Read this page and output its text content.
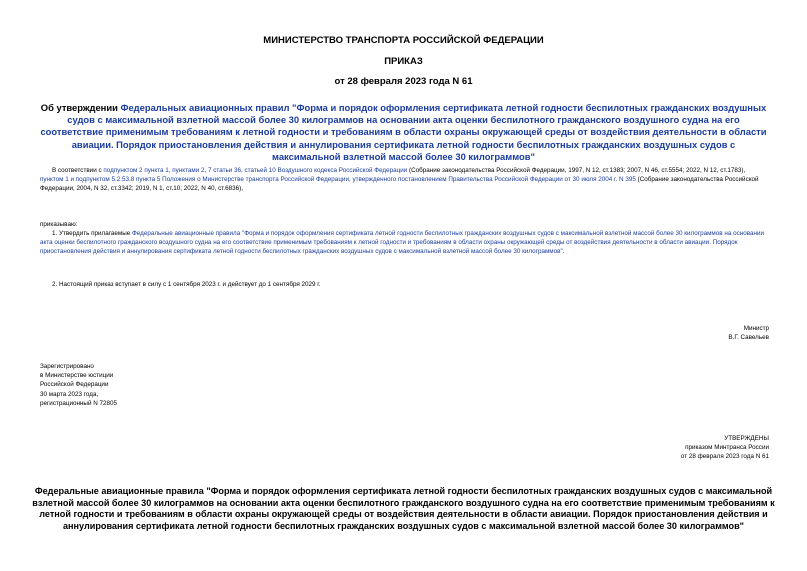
МИНИСТЕРСТВО ТРАНСПОРТА РОССИЙСКОЙ ФЕДЕРАЦИИ
ПРИКАЗ
от 28 февраля 2023 года N 61
Об утверждении Федеральных авиационных правил "Форма и порядок оформления сертификата летной годности беспилотных гражданских воздушных судов с максимальной взлетной массой более 30 килограммов на основании акта оценки беспилотного гражданского воздушного судна на его соответствие применимым требованиям к летной годности и требованиям в области охраны окружающей среды от воздействия деятельности в области авиации. Порядок приостановления действия и аннулирования сертификата летной годности беспилотных гражданских воздушных судов с максимальной взлетной массой более 30 килограммов"
В соответствии с подпунктом 2 пункта 1, пунктами 2, 7 статьи 36, статьей 10 Воздушного кодекса Российской Федерации (Собрание законодательства Российской Федерации, 1997, N 12, ст.1383; 2007, N 46, ст.5554; 2022, N 12, ст.1783), пунктом 1 и подпунктом 5.2.53.8 пункта 5 Положения о Министерстве транспорта Российской Федерации, утвержденного постановлением Правительства Российской Федерации от 30 июля 2004 г. N 395 (Собрание законодательства Российской Федерации, 2004, N 32, ст.3342; 2019, N 1, ст.10; 2022, N 40, ст.6836),
приказываю:
1. Утвердить прилагаемые Федеральные авиационные правила "Форма и порядок оформления сертификата летной годности беспилотных гражданских воздушных судов с максимальной взлетной массой более 30 килограммов на основании акта оценки беспилотного гражданского воздушного судна на его соответствие применимым требованиям к летной годности и требованиям в области охраны окружающей среды от воздействия деятельности в области авиации. Порядок приостановления действия и аннулирования сертификата летной годности беспилотных гражданских воздушных судов с максимальной взлетной массой более 30 килограммов".
2. Настоящий приказ вступает в силу с 1 сентября 2023 г. и действует до 1 сентября 2029 г.
Министр
В.Г. Савельев
Зарегистрировано
в Министерстве юстиции
Российской Федерации
30 марта 2023 года,
регистрационный N 72805
УТВЕРЖДЕНЫ
приказом Минтранса России
от 28 февраля 2023 года N 61
Федеральные авиационные правила "Форма и порядок оформления сертификата летной годности беспилотных гражданских воздушных судов с максимальной взлетной массой более 30 килограммов на основании акта оценки беспилотного гражданского воздушного судна на его соответствие применимым требованиям к летной годности и требованиям в области охраны окружающей среды от воздействия деятельности в области авиации. Порядок приостановления действия и аннулирования сертификата летной годности беспилотных гражданских воздушных судов с максимальной взлетной массой более 30 килограммов"
